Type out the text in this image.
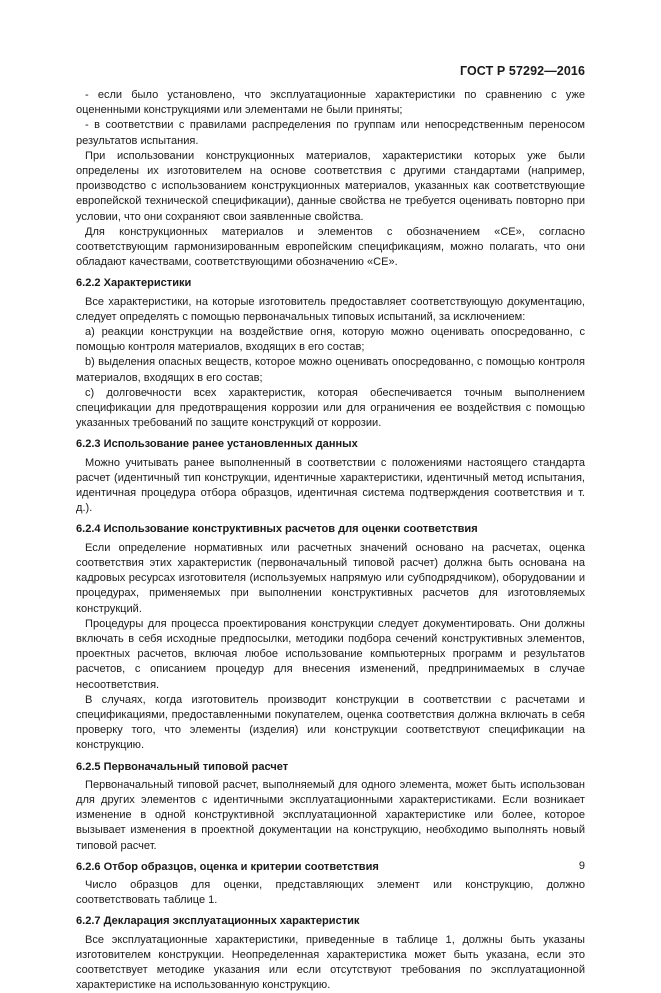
ГОСТ Р 57292—2016

- если было установлено, что эксплуатационные характеристики по сравнению с уже оцененными конструкциями или элементами не были приняты;

- в соответствии с правилами распределения по группам или непосредственным переносом результатов испытания.

При использовании конструкционных материалов, характеристики которых уже были определены их изготовителем на основе соответствия с другими стандартами (например, производство с использованием конструкционных материалов, указанных как соответствующие европейской технической спецификации), данные свойства не требуется оценивать повторно при условии, что они сохраняют свои заявленные свойства.

Для конструкционных материалов и элементов с обозначением «CE», согласно соответствующим гармонизированным европейским спецификациям, можно полагать, что они обладают качествами, соответствующими обозначению «CE».

6.2.2 Характеристики

Все характеристики, на которые изготовитель предоставляет соответствующую документацию, следует определять с помощью первоначальных типовых испытаний, за исключением:

a) реакции конструкции на воздействие огня, которую можно оценивать опосредованно, с помощью контроля материалов, входящих в его состав;

b) выделения опасных веществ, которое можно оценивать опосредованно, с помощью контроля материалов, входящих в его состав;

c) долговечности всех характеристик, которая обеспечивается точным выполнением спецификации для предотвращения коррозии или для ограничения ее воздействия с помощью указанных требований по защите конструкций от коррозии.

6.2.3 Использование ранее установленных данных

Можно учитывать ранее выполненный в соответствии с положениями настоящего стандарта расчет (идентичный тип конструкции, идентичные характеристики, идентичный метод испытания, идентичная процедура отбора образцов, идентичная система подтверждения соответствия и т. д.).

6.2.4 Использование конструктивных расчетов для оценки соответствия

Если определение нормативных или расчетных значений основано на расчетах, оценка соответствия этих характеристик (первоначальный типовой расчет) должна быть основана на кадровых ресурсах изготовителя (используемых напрямую или субподрядчиком), оборудовании и процедурах, применяемых при выполнении конструктивных расчетов для изготовляемых конструкций.

Процедуры для процесса проектирования конструкции следует документировать. Они должны включать в себя исходные предпосылки, методики подбора сечений конструктивных элементов, проектных расчетов, включая любое использование компьютерных программ и результатов расчетов, с описанием процедур для внесения изменений, предпринимаемых в случае несоответствия.

В случаях, когда изготовитель производит конструкции в соответствии с расчетами и спецификациями, предоставленными покупателем, оценка соответствия должна включать в себя проверку того, что элементы (изделия) или конструкции соответствуют спецификации на конструкцию.

6.2.5 Первоначальный типовой расчет

Первоначальный типовой расчет, выполняемый для одного элемента, может быть использован для других элементов с идентичными эксплуатационными характеристиками. Если возникает изменение в одной конструктивной эксплуатационной характеристике или более, которое вызывает изменения в проектной документации на конструкцию, необходимо выполнять новый типовой расчет.

6.2.6 Отбор образцов, оценка и критерии соответствия

Число образцов для оценки, представляющих элемент или конструкцию, должно соответствовать таблице 1.

6.2.7 Декларация эксплуатационных характеристик

Все эксплуатационные характеристики, приведенные в таблице 1, должны быть указаны изготовителем конструкции. Неопределенная характеристика может быть указана, если это соответствует методике указания или если отсутствуют требования по эксплуатационной характеристике на использованную конструкцию.

9
